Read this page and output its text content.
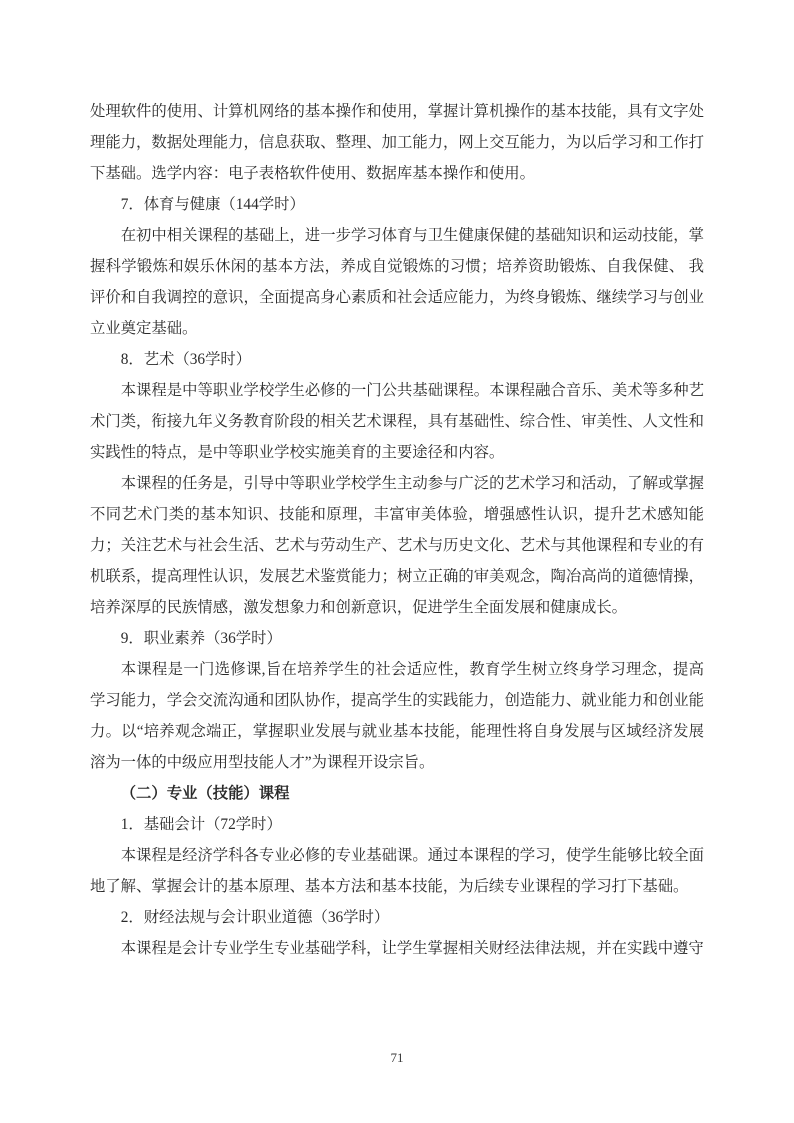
处理软件的使用、计算机网络的基本操作和使用，掌握计算机操作的基本技能，具有文字处理能力，数据处理能力，信息获取、整理、加工能力，网上交互能力，为以后学习和工作打下基础。选学内容：电子表格软件使用、数据库基本操作和使用。

7．体育与健康（144学时）

在初中相关课程的基础上，进一步学习体育与卫生健康保健的基础知识和运动技能，掌握科学锻炼和娱乐休闲的基本方法，养成自觉锻炼的习惯；培养资助锻炼、自我保健、 我评价和自我调控的意识，全面提高身心素质和社会适应能力，为终身锻炼、继续学习与创业立业奠定基础。

8．艺术（36学时）

本课程是中等职业学校学生必修的一门公共基础课程。本课程融合音乐、美术等多种艺术门类，衔接九年义务教育阶段的相关艺术课程，具有基础性、综合性、审美性、人文性和实践性的特点，是中等职业学校实施美育的主要途径和内容。

本课程的任务是，引导中等职业学校学生主动参与广泛的艺术学习和活动，了解或掌握不同艺术门类的基本知识、技能和原理，丰富审美体验，增强感性认识，提升艺术感知能力；关注艺术与社会生活、艺术与劳动生产、艺术与历史文化、艺术与其他课程和专业的有机联系，提高理性认识，发展艺术鉴赏能力；树立正确的审美观念，陶冶高尚的道德情操，培养深厚的民族情感，激发想象力和创新意识，促进学生全面发展和健康成长。

9．职业素养（36学时）

本课程是一门选修课,旨在培养学生的社会适应性，教育学生树立终身学习理念，提高学习能力，学会交流沟通和团队协作，提高学生的实践能力，创造能力、就业能力和创业能力。以“培养观念端正，掌握职业发展与就业基本技能，能理性将自身发展与区域经济发展溶为一体的中级应用型技能人才”为课程开设宗旨。

（二）专业（技能）课程

1．基础会计（72学时）

本课程是经济学科各专业必修的专业基础课。通过本课程的学习，使学生能够比较全面地了解、掌握会计的基本原理、基本方法和基本技能，为后续专业课程的学习打下基础。

2．财经法规与会计职业道德（36学时）

本课程是会计专业学生专业基础学科，让学生掌握相关财经法律法规，并在实践中遵守

71
